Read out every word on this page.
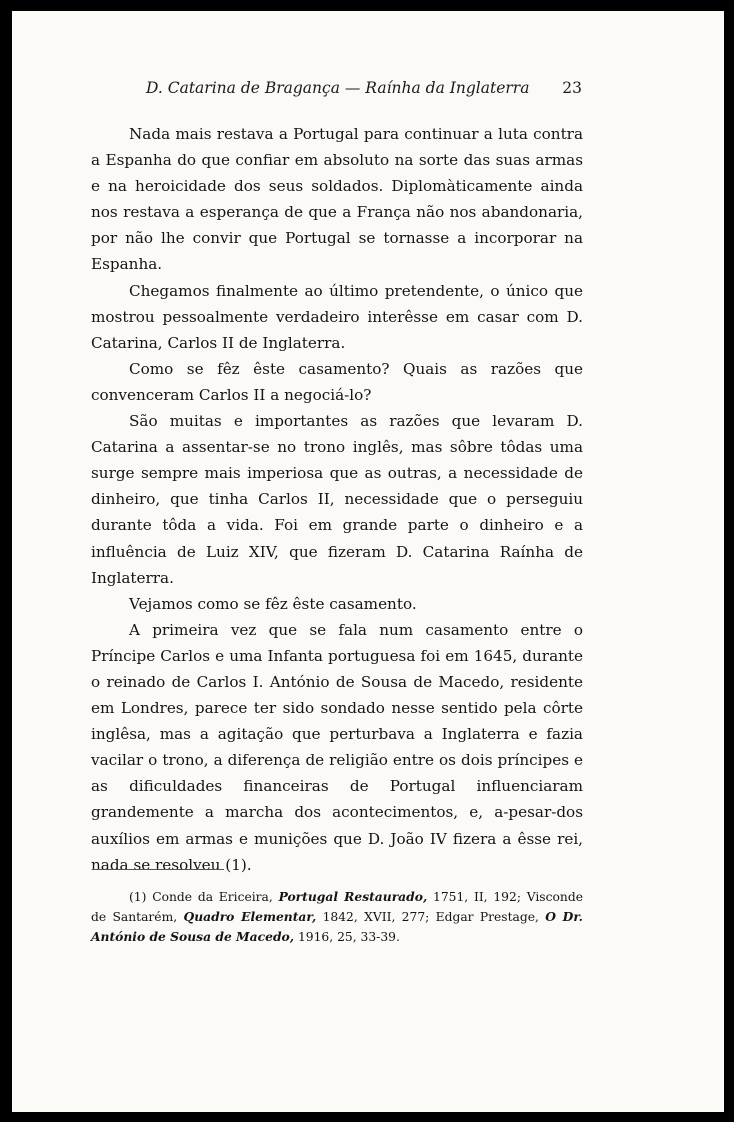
D. Catarina de Bragança — Raínha da Inglaterra 23

Nada mais restava a Portugal para continuar a luta contra a Espanha do que confiar em absoluto na sorte das suas armas e na heroicidade dos seus soldados. Diplomàticamente ainda nos restava a esperança de que a França não nos abandonaria, por não lhe convir que Portugal se tornasse a incorporar na Espanha.

Chegamos finalmente ao último pretendente, o único que mostrou pessoalmente verdadeiro interêsse em casar com D. Catarina, Carlos II de Inglaterra.

Como se fêz êste casamento? Quais as razões que convenceram Carlos II a negociá-lo?

São muitas e importantes as razões que levaram D. Catarina a assentar-se no trono inglês, mas sôbre tôdas uma surge sempre mais imperiosa que as outras, a necessidade de dinheiro, que tinha Carlos II, necessidade que o perseguiu durante tôda a vida. Foi em grande parte o dinheiro e a influência de Luiz XIV, que fizeram D. Catarina Raínha de Inglaterra.

Vejamos como se fêz êste casamento.

A primeira vez que se fala num casamento entre o Príncipe Carlos e uma Infanta portuguesa foi em 1645, durante o reinado de Carlos I. António de Sousa de Macedo, residente em Londres, parece ter sido sondado nesse sentido pela côrte inglêsa, mas a agitação que perturbava a Inglaterra e fazia vacilar o trono, a diferença de religião entre os dois príncipes e as dificuldades financeiras de Portugal influenciaram grandemente a marcha dos acontecimentos, e, a-pesar-dos auxílios em armas e munições que D. João IV fizera a êsse rei, nada se resolveu (1).

(1) Conde da Ericeira, Portugal Restaurado, 1751, II, 192; Visconde de Santarém, Quadro Elementar, 1842, XVII, 277; Edgar Prestage, O Dr. António de Sousa de Macedo, 1916, 25, 33-39.
